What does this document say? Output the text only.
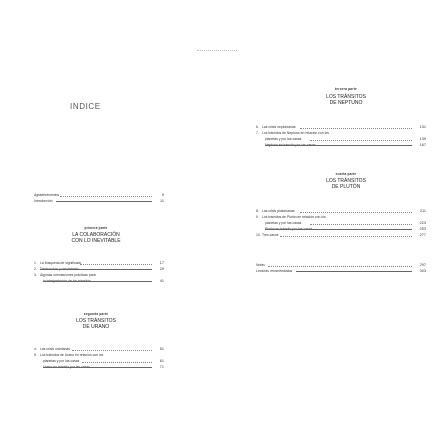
INDICE
Agradecimientos	9
Introducción	11
primera parte
LA COLABORACIÓN
CON LO INEVITABLE
1. La búsqueda de significado	17
2. Destrucción y crecimiento	29
3. Algunas orientaciones prácticas para
la interpretación de los tránsitos	41
segunda parte
LOS TRÁNSITOS
DE URANO
4. Las crisis uranianas	51
5. Los tránsitos de Urano en relación con los
planetas y por las casas	61
Urano en tránsito por las casas	71
tercera parte
LOS TRÁNSITOS
DE NEPTUNO
6. Las crisis neptunianas	131
7. Los tránsitos de Neptuno en relación con los
planetas y por las casas	139
Neptuno en tránsito por las casas	167
cuarta parte
LOS TRÁNSITOS
DE PLUTÓN
8. Las crisis plutonianas	211
9. Los tránsitos de Plutón en relación con los
planetas y por las casas	223
Plutón en tránsito por las casas	253
10. Tres casos	277
Notas	297
Lecturas recomendadas	303
